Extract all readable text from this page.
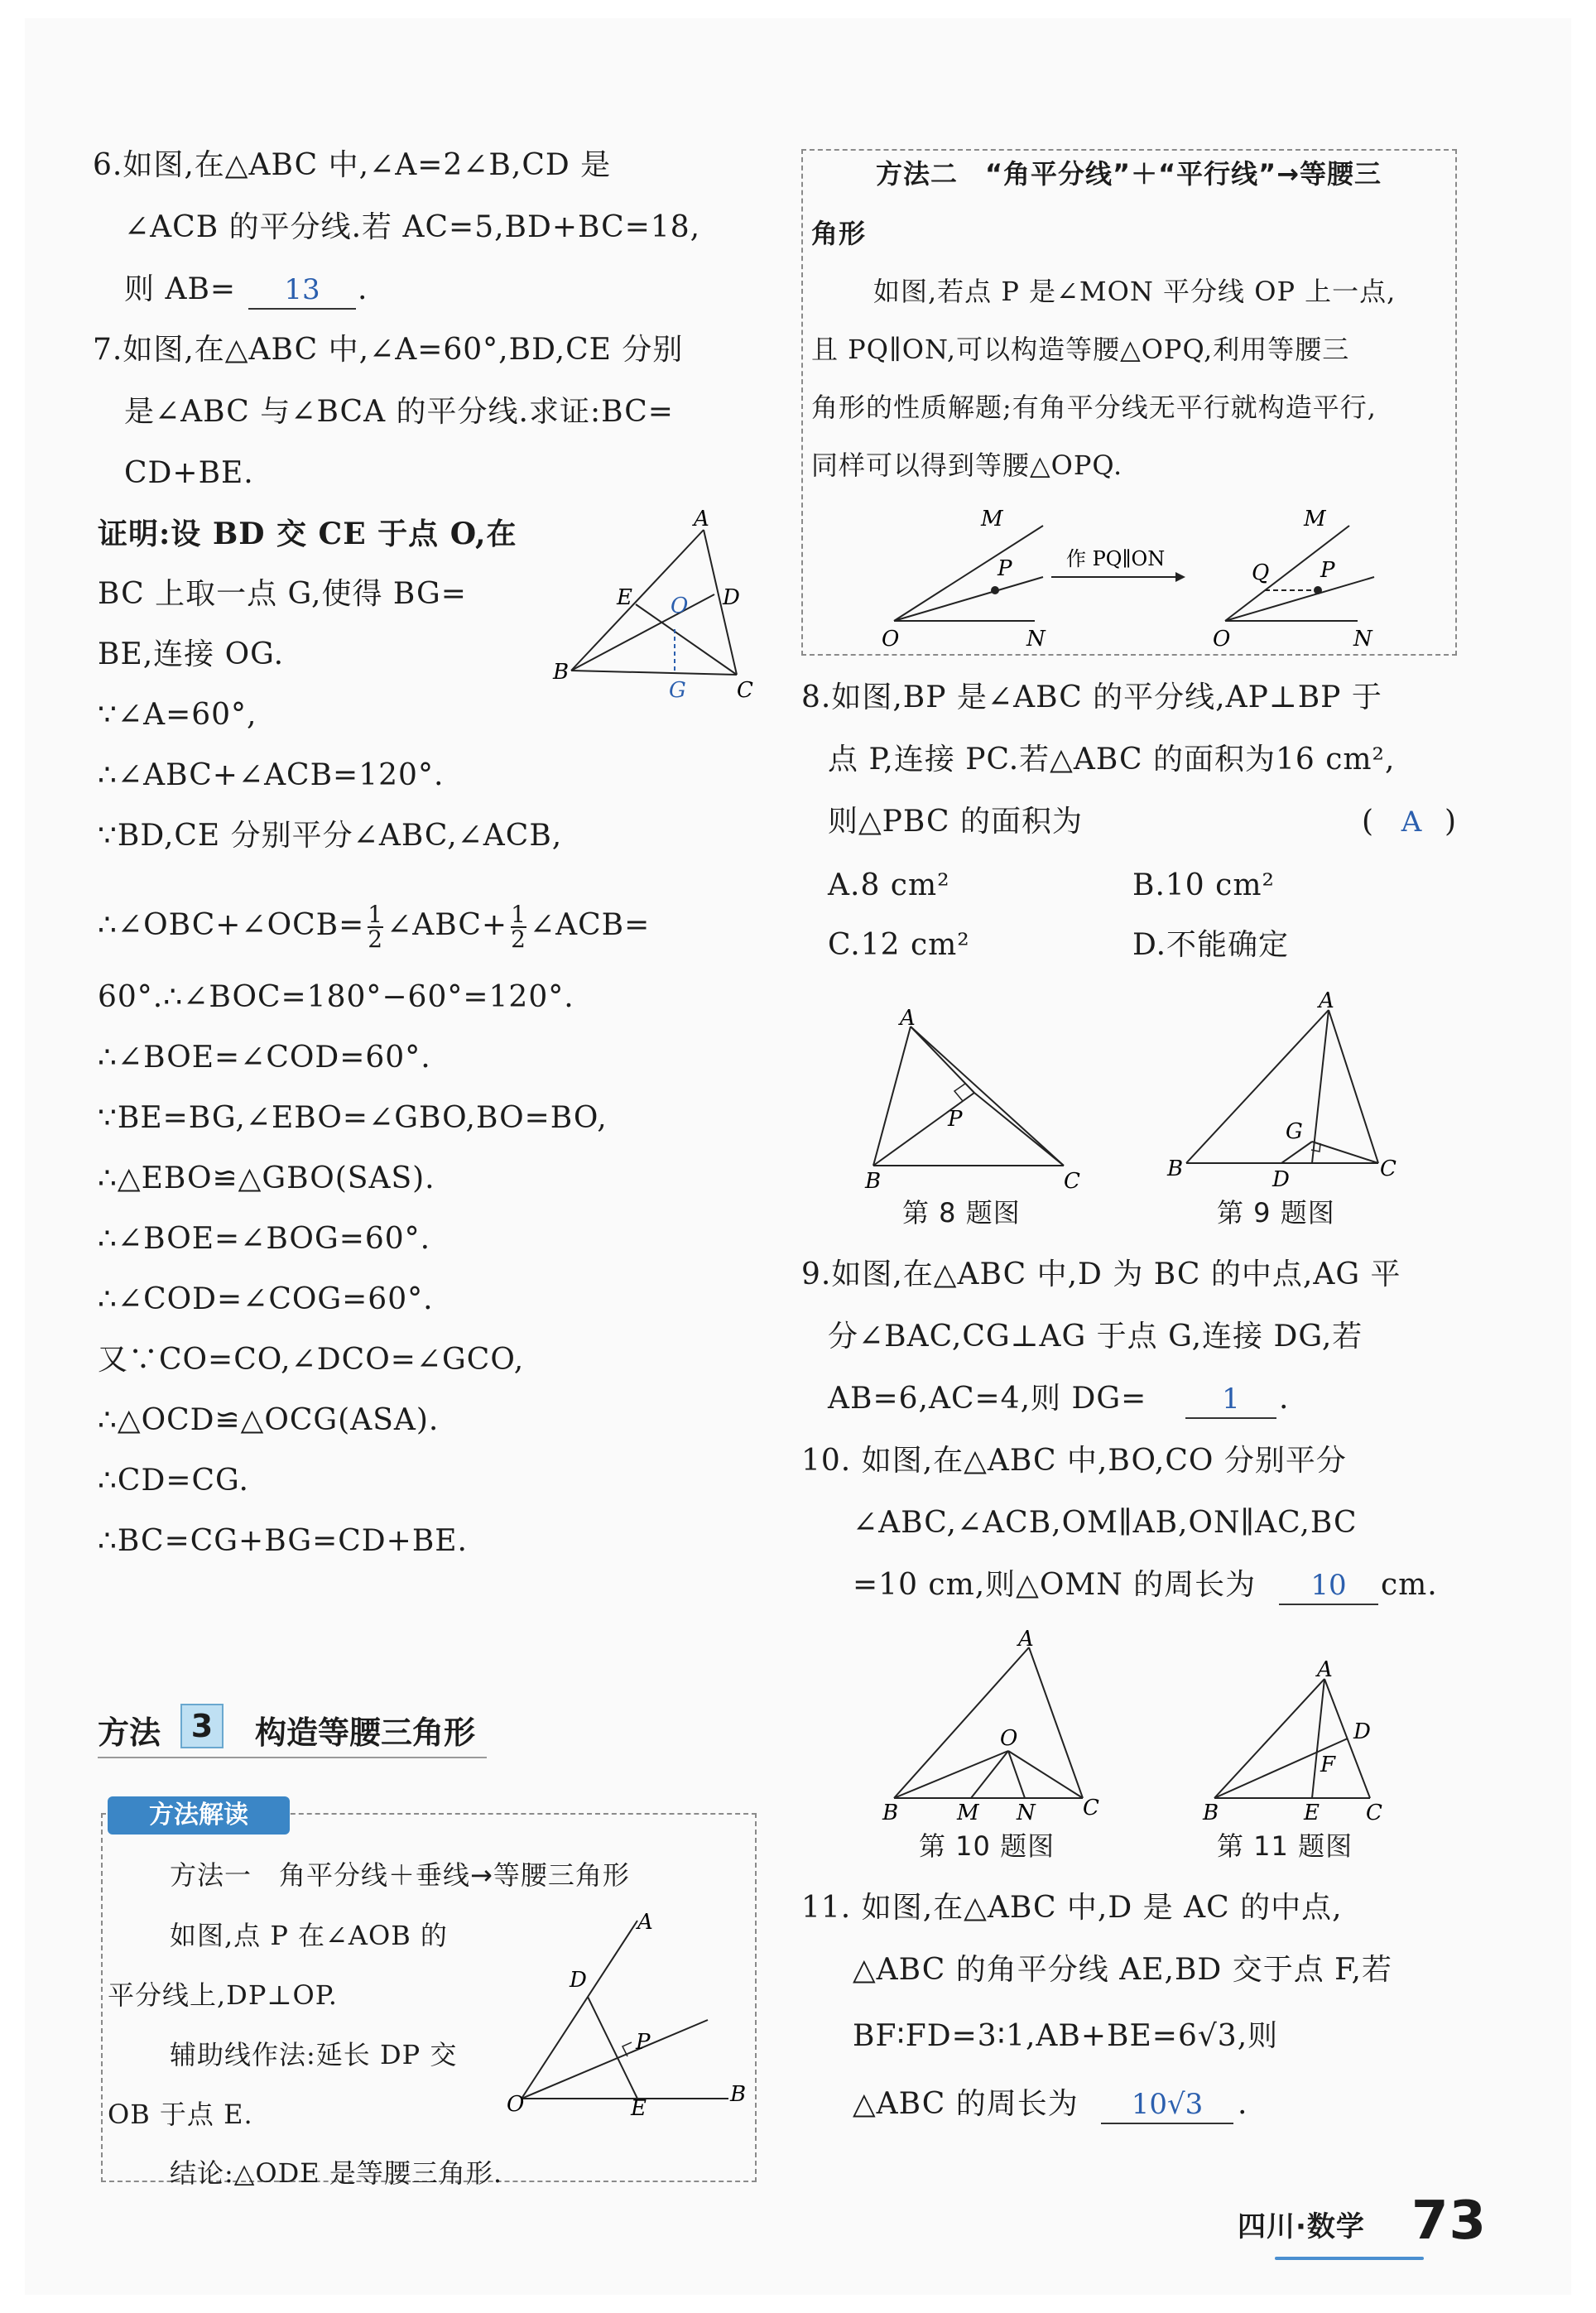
6.如图,在△ABC 中,∠A=2∠B,CD 是
∠ACB 的平分线.若 AC=5,BD+BC=18,
则 AB=	13	.
7.如图,在△ABC 中,∠A=60°,BD,CE 分别
是∠ABC 与∠BCA 的平分线.求证:BC=
CD+BE.
证明:设 BD 交 CE 于点 O,在
BC 上取一点 G,使得 BG=
BE,连接 OG.
A
B
C
D
E O
G
∵∠A=60°,
∴∠ABC+∠ACB=120°.
∵BD,CE 分别平分∠ABC,∠ACB,
∴∠OBC+∠OCB= $\frac{1}{2}$ ∠ABC+ $\frac{1}{2}$ ∠ACB=
60°.∴∠BOC=180°−60°=120°.
∴∠BOE=∠COD=60°.
∵BE=BG,∠EBO=∠GBO,BO=BO,
∴△EBO≌△GBO(SAS).
∴∠BOE=∠BOG=60°.
∴∠COD=∠COG=60°.
又∵CO=CO,∠DCO=∠GCO,
∴△OCD≌△OCG(ASA).
∴CD=CG.
∴BC=CG+BG=CD+BE.
方法 3	构造等腰三角形
方法解读
方法一　角平分线＋垂线→等腰三角形
如图,点 P 在∠AOB 的
平分线上,DP⊥OP.
辅助线作法:延长 DP 交
OB 于点 E.
结论:△ODE 是等腰三角形.
A
B
D
P
O	E
方法二　“角平分线”＋“平行线”→等腰三
角形
如图,若点 P 是∠MON 平分线 OP 上一点,
且 PQ∥ON,可以构造等腰△OPQ,利用等腰三
角形的性质解题;有角平分线无平行就构造平行,
同样可以得到等腰△OPQ.
作 PQ∥ON
M
P
O	N
M
P
Q
O	N
8.如图,BP 是∠ABC 的平分线,AP⊥BP 于
点 P,连接 PC.若△ABC 的面积为16 cm²,
则△PBC 的面积为	( A )
A.8 cm²	B.10 cm²
C.12 cm²	D.不能确定
A
B	C
P
第 8 题图
A
B	C
D
G
第 9 题图
9.如图,在△ABC 中,D 为 BC 的中点,AG 平
分∠BAC,CG⊥AG 于点 G,连接 DG,若
AB=6,AC=4,则 DG=	1	.
10. 如图,在△ABC 中,BO,CO 分别平分
∠ABC,∠ACB,OM∥AB,ON∥AC,BC
=10 cm,则△OMN 的周长为	10	cm.
A
B	C
O
M N
第 10 题图
A
B	C
D
E
F
第 11 题图
11. 如图,在△ABC 中,D 是 AC 的中点,
△ABC 的角平分线 AE,BD 交于点 F,若
BF∶FD=3∶1,AB+BE=6√3,则
△ABC 的周长为	10√3	.
四川·数学 73
